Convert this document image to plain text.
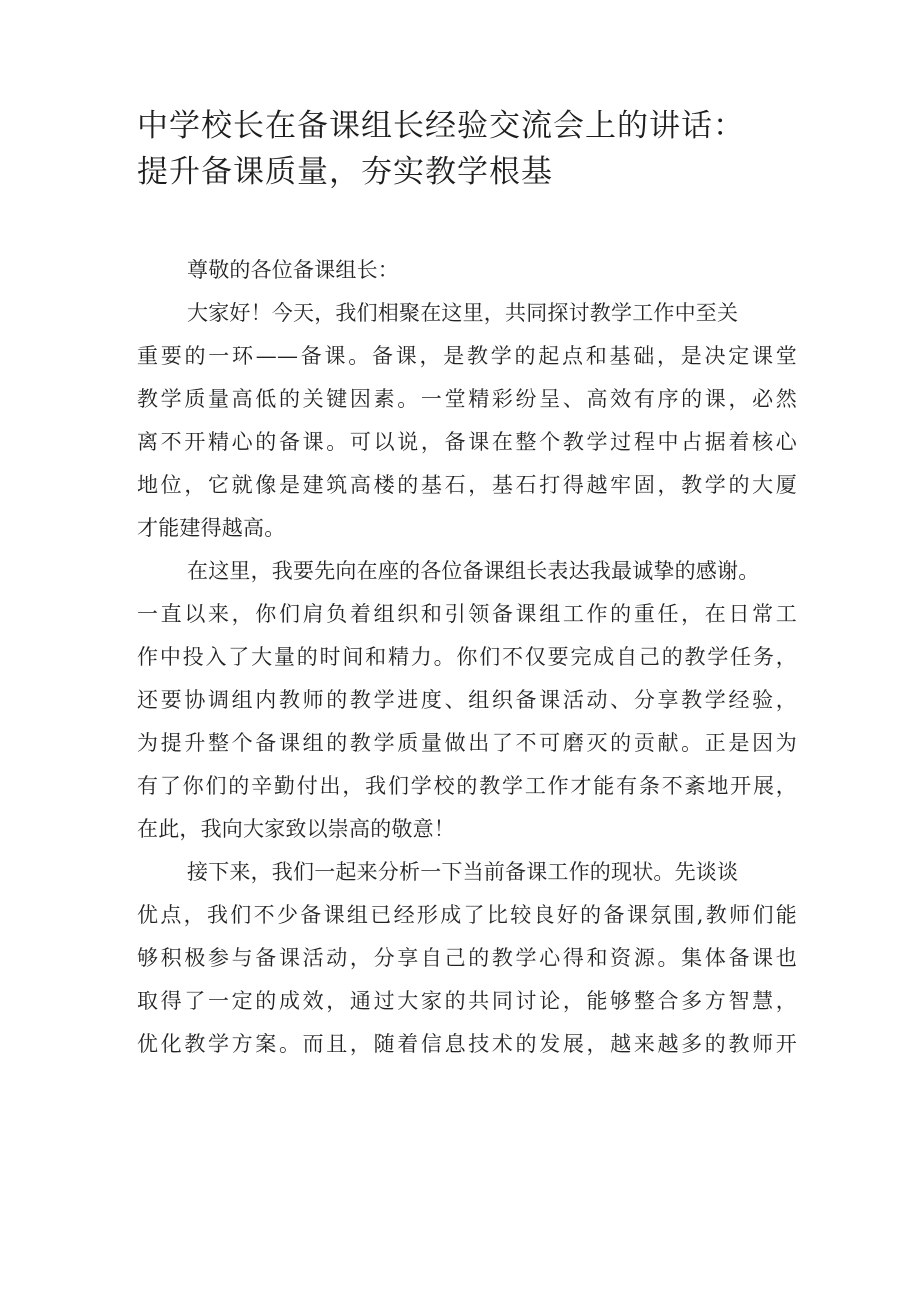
中学校长在备课组长经验交流会上的讲话：
提升备课质量，夯实教学根基
尊敬的各位备课组长：
大家好！今天，我们相聚在这里，共同探讨教学工作中至关
重要的一环——备课。备课，是教学的起点和基础，是决定课堂
教学质量高低的关键因素。一堂精彩纷呈、高效有序的课，必然
离不开精心的备课。可以说，备课在整个教学过程中占据着核心
地位，它就像是建筑高楼的基石，基石打得越牢固，教学的大厦
才能建得越高。
在这里，我要先向在座的各位备课组长表达我最诚挚的感谢。
一直以来，你们肩负着组织和引领备课组工作的重任，在日常工
作中投入了大量的时间和精力。你们不仅要完成自己的教学任务，
还要协调组内教师的教学进度、组织备课活动、分享教学经验，
为提升整个备课组的教学质量做出了不可磨灭的贡献。正是因为
有了你们的辛勤付出，我们学校的教学工作才能有条不紊地开展，
在此，我向大家致以崇高的敬意！
接下来，我们一起来分析一下当前备课工作的现状。先谈谈
优点，我们不少备课组已经形成了比较良好的备课氛围,教师们能
够积极参与备课活动，分享自己的教学心得和资源。集体备课也
取得了一定的成效，通过大家的共同讨论，能够整合多方智慧，
优化教学方案。而且，随着信息技术的发展，越来越多的教师开
